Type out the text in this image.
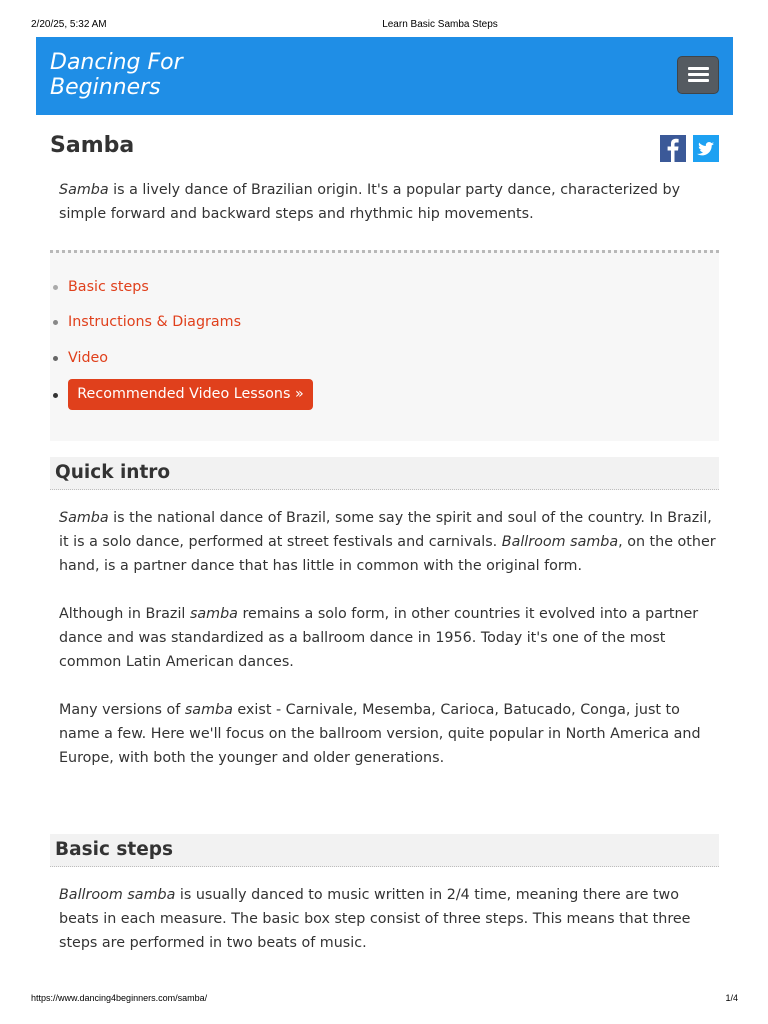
2/20/25, 5:32 AM	Learn Basic Samba Steps
Dancing For
Beginners
Samba

Samba is a lively dance of Brazilian origin. It's a popular party dance, characterized by simple forward and backward steps and rhythmic hip movements.

Basic steps
Instructions & Diagrams
Video
Recommended Video Lessons »
Quick intro

Samba is the national dance of Brazil, some say the spirit and soul of the country. In Brazil, it is a solo dance, performed at street festivals and carnivals. Ballroom samba, on the other hand, is a partner dance that has little in common with the original form.

Although in Brazil samba remains a solo form, in other countries it evolved into a partner dance and was standardized as a ballroom dance in 1956. Today it's one of the most common Latin American dances.

Many versions of samba exist - Carnivale, Mesemba, Carioca, Batucado, Conga, just to name a few. Here we'll focus on the ballroom version, quite popular in North America and Europe, with both the younger and older generations.

Basic steps

Ballroom samba is usually danced to music written in 2/4 time, meaning there are two beats in each measure. The basic box step consist of three steps. This means that three steps are performed in two beats of music.

https://www.dancing4beginners.com/samba/	1/4
